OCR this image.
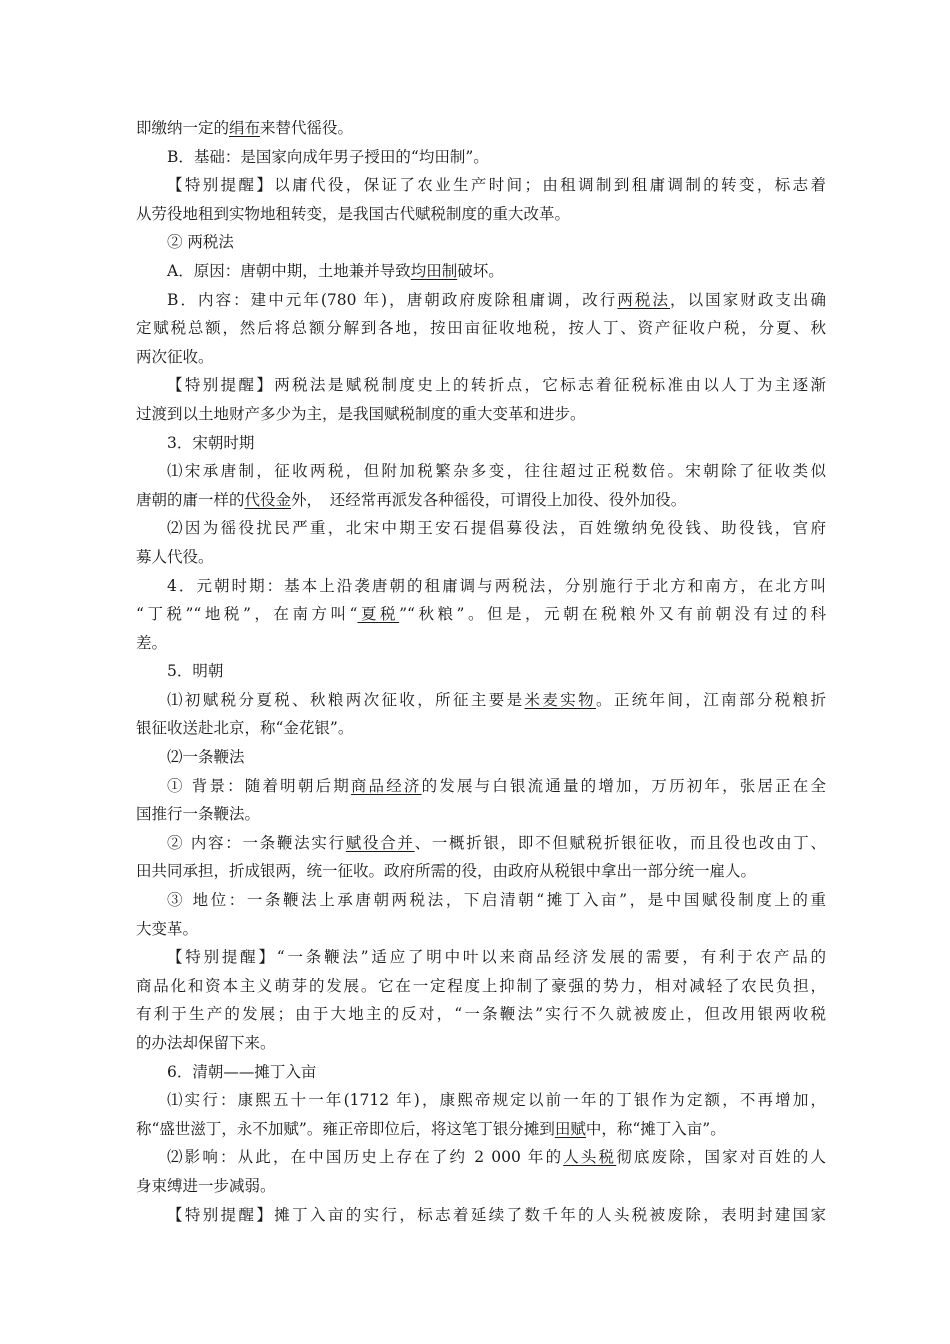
即缴纳一定的绢布来替代徭役。
B．基础：是国家向成年男子授田的“均田制”。
【特别提醒】以庸代役，保证了农业生产时间；由租调制到租庸调制的转变，标志着
从劳役地租到实物地租转变，是我国古代赋税制度的重大改革。
② 两税法
A．原因：唐朝中期，土地兼并导致均田制破坏。
B．内容：建中元年(780 年)，唐朝政府废除租庸调，改行两税法，以国家财政支出确
定赋税总额，然后将总额分解到各地，按田亩征收地税，按人丁、资产征收户税，分夏、秋
两次征收。
【特别提醒】两税法是赋税制度史上的转折点，它标志着征税标准由以人丁为主逐渐
过渡到以土地财产多少为主，是我国赋税制度的重大变革和进步。
3．宋朝时期
⑴宋承唐制，征收两税，但附加税繁杂多变，往往超过正税数倍。宋朝除了征收类似
唐朝的庸一样的代役金外，　还经常再派发各种徭役，可谓役上加役、役外加役。
⑵因为徭役扰民严重，北宋中期王安石提倡募役法，百姓缴纳免役钱、助役钱，官府
募人代役。
4．元朝时期：基本上沿袭唐朝的租庸调与两税法，分别施行于北方和南方，在北方叫
“丁税”“地税”，在南方叫“夏税”“秋粮”。但是，元朝在税粮外又有前朝没有过的科
差。
5．明朝
⑴初赋税分夏税、秋粮两次征收，所征主要是米麦实物。正统年间，江南部分税粮折
银征收送赴北京，称“金花银”。
⑵一条鞭法
① 背景：随着明朝后期商品经济的发展与白银流通量的增加，万历初年，张居正在全
国推行一条鞭法。
② 内容：一条鞭法实行赋役合并、一概折银，即不但赋税折银征收，而且役也改由丁、
田共同承担，折成银两，统一征收。政府所需的役，由政府从税银中拿出一部分统一雇人。
③ 地位：一条鞭法上承唐朝两税法，下启清朝“摊丁入亩”，是中国赋役制度上的重
大变革。
【特别提醒】“一条鞭法”适应了明中叶以来商品经济发展的需要，有利于农产品的
商品化和资本主义萌芽的发展。它在一定程度上抑制了豪强的势力，相对减轻了农民负担，
有利于生产的发展；由于大地主的反对，“一条鞭法”实行不久就被废止，但改用银两收税
的办法却保留下来。
6．清朝——摊丁入亩
⑴实行：康熙五十一年(1712 年)，康熙帝规定以前一年的丁银作为定额，不再增加，
称“盛世滋丁，永不加赋”。雍正帝即位后，将这笔丁银分摊到田赋中，称“摊丁入亩”。
⑵影响：从此，在中国历史上存在了约 2 000 年的人头税彻底废除，国家对百姓的人
身束缚进一步减弱。
【特别提醒】摊丁入亩的实行，标志着延续了数千年的人头税被废除，表明封建国家
